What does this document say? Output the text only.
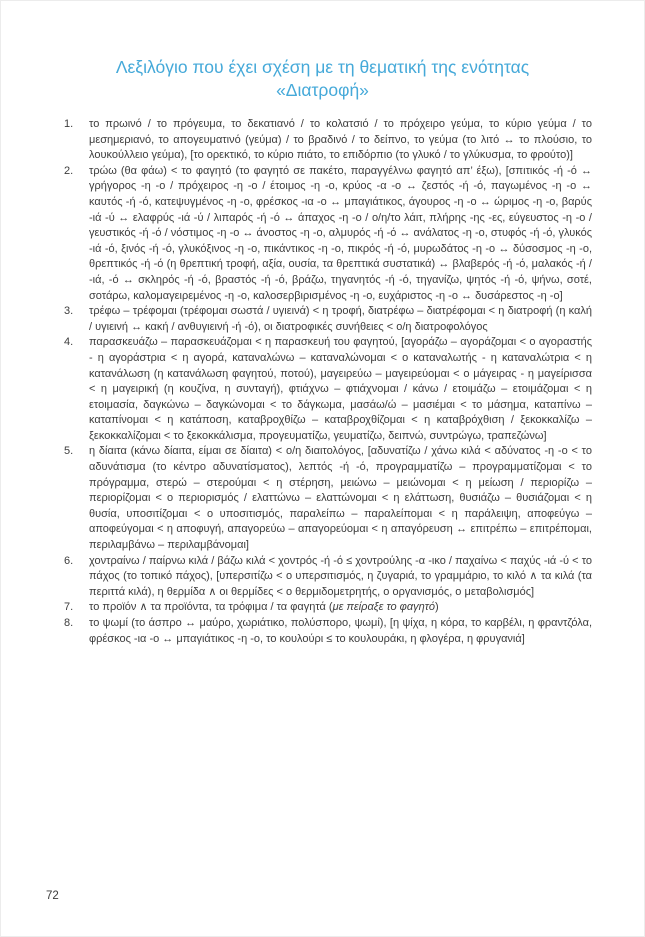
Λεξιλόγιο που έχει σχέση με τη θεματική της ενότητας
«Διατροφή»
1. το πρωινό / το πρόγευμα, το δεκατιανό / το κολατσιό / το πρόχειρο γεύμα, το κύριο γεύμα / το μεσημεριανό, το απογευματινό (γεύμα) / το βραδινό / το δείπνο, το γεύμα (το λιτό ↔ το πλούσιο, το λουκούλλειο γεύμα), [το ορεκτικό, το κύριο πιάτο, το επιδόρπιο (το γλυκό / το γλύκυσμα, το φρούτο)]
2. τρώω (θα φάω) < το φαγητό (το φαγητό σε πακέτο, παραγγέλνω φαγητό απ’ έξω), [σπιτικός -ή -ό ↔ γρήγορος -η -ο / πρόχειρος -η -ο / έτοιμος -η -ο, κρύος -α -ο ↔ ζεστός -ή -ό, παγωμένος -η -ο ↔ καυτός -ή -ό, κατεψυγμένος -η -ο, φρέσκος -ια -ο ↔ μπαγιάτικος, άγουρος -η -ο ↔ ώριμος -η -ο, βαρύς -ιά -ύ ↔ ελαφρύς -ιά -ύ / λιπαρός -ή -ό ↔ άπαχος -η -ο / ο/η/το λάιτ, πλήρης -ης -ες, εύγευστος -η -ο / γευστικός -ή -ό / νόστιμος -η -ο ↔ άνοστος -η -ο, αλμυρός -ή -ό ↔ ανάλατος -η -ο, στυφός -ή -ό, γλυκός -ιά -ό, ξινός -ή -ό, γλυκόξινος -η -ο, πικάντικος -η -ο, πικρός -ή -ό, μυρωδάτος -η -ο ↔ δύσοσμος -η -ο, θρεπτικός -ή -ό (η θρεπτική τροφή, αξία, ουσία, τα θρεπτικά συστατικά) ↔ βλαβερός -ή -ό, μαλακός -ή / -ιά, -ό ↔ σκληρός -ή -ό, βραστός -ή -ό, βράζω, τηγανητός -ή -ό, τηγανίζω, ψητός -ή -ό, ψήνω, σοτέ, σοτάρω, καλομαγειρεμένος -η -ο, καλοσερβιρισμένος -η -ο, ευχάριστος -η -ο ↔ δυσάρεστος -η -ο]
3. τρέφω – τρέφομαι (τρέφομαι σωστά / υγιεινά) < η τροφή, διατρέφω – διατρέφομαι < η διατροφή (η καλή / υγιεινή ↔ κακή / ανθυγιεινή -ή -ό), οι διατροφικές συνήθειες < ο/η διατροφολόγος
4. παρασκευάζω – παρασκευάζομαι < η παρασκευή του φαγητού, [αγοράζω – αγοράζομαι < ο αγοραστής - η αγοράστρια < η αγορά, καταναλώνω – καταναλώνομαι < ο καταναλωτής - η καταναλώτρια < η κατανάλωση (η κατανάλωση φαγητού, ποτού), μαγειρεύω – μαγειρεύομαι < ο μάγειρας - η μαγείρισσα < η μαγειρική (η κουζίνα, η συνταγή), φτιάχνω – φτιάχνομαι / κάνω / ετοιμάζω – ετοιμάζομαι < η ετοιμασία, δαγκώνω – δαγκώνομαι < το δάγκωμα, μασάω/ώ – μασιέμαι < το μάσημα, καταπίνω – καταπίνομαι < η κατάποση, καταβροχθίζω – καταβροχθίζομαι < η καταβρόχθιση / ξεκοκκαλίζω – ξεκοκκαλίζομαι < το ξεκοκκάλισμα, προγευματίζω, γευματίζω, δειπνώ, συντρώγω, τραπεζώνω]
5. η δίαιτα (κάνω δίαιτα, είμαι σε δίαιτα) < ο/η διαιτολόγος, [αδυνατίζω / χάνω κιλά < αδύνατος -η -ο < το αδυνάτισμα (το κέντρο αδυνατίσματος), λεπτός -ή -ό, προγραμματίζω – προγραμματίζομαι < το πρόγραμμα, στερώ – στερούμαι < η στέρηση, μειώνω – μειώνομαι < η μείωση / περιορίζω – περιορίζομαι < ο περιορισμός / ελαττώνω – ελαττώνομαι < η ελάττωση, θυσιάζω – θυσιάζομαι < η θυσία, υποσιτίζομαι < ο υποσιτισμός, παραλείπω – παραλείπομαι < η παράλειψη, αποφεύγω – αποφεύγομαι < η αποφυγή, απαγορεύω – απαγορεύομαι < η απαγόρευση ↔ επιτρέπω – επιτρέπομαι, περιλαμβάνω – περιλαμβάνομαι]
6. χοντραίνω / παίρνω κιλά / βάζω κιλά < χοντρός -ή -ό ≤ χοντρούλης -α -ικο / παχαίνω < παχύς -ιά -ύ < το πάχος (το τοπικό πάχος), [υπερσιτίζω < ο υπερσιτισμός, η ζυγαριά, το γραμμάριο, το κιλό ∧ τα κιλά (τα περιττά κιλά), η θερμίδα ∧ οι θερμίδες < ο θερμιδομετρητής, ο οργανισμός, ο μεταβολισμός]
7. το προϊόν ∧ τα προϊόντα, τα τρόφιμα / τα φαγητά (με πείραξε το φαγητό)
8. το ψωμί (το άσπρο ↔ μαύρο, χωριάτικο, πολύσπορο, ψωμί), [η ψίχα, η κόρα, το καρβέλι, η φραντζόλα, φρέσκος -ια -ο ↔ μπαγιάτικος -η -ο, το κουλούρι ≤ το κουλουράκι, η φλογέρα, η φρυγανιά]
72
